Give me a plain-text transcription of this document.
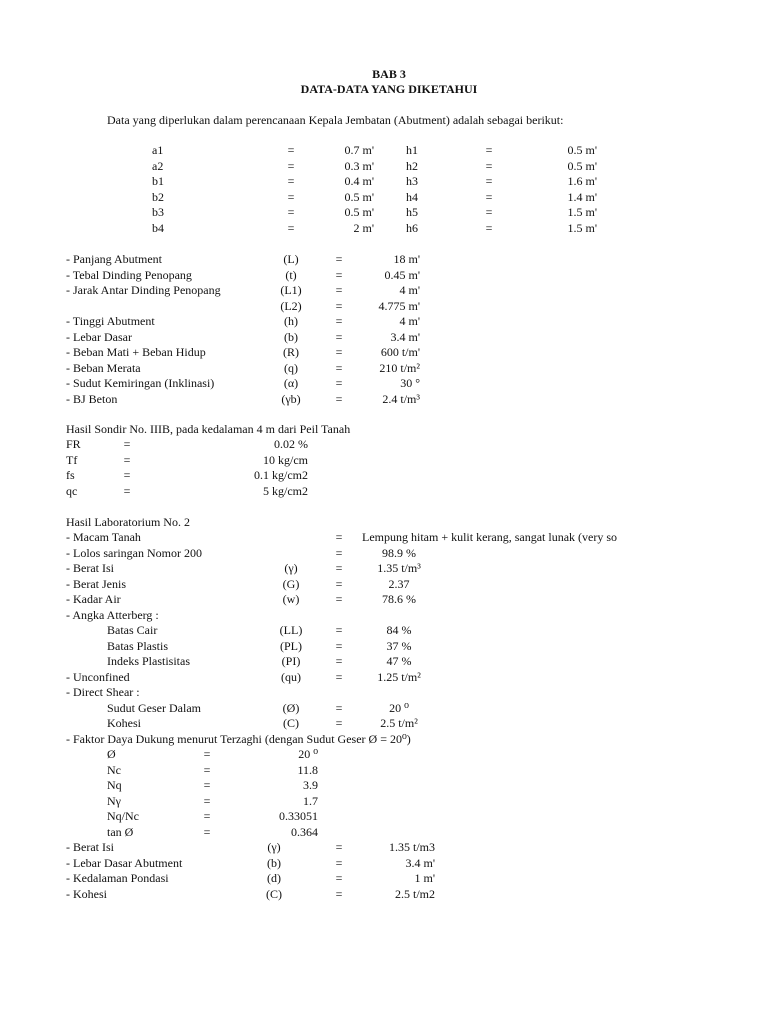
BAB 3
DATA-DATA YANG DIKETAHUI
Data yang diperlukan dalam perencanaan Kepala Jembatan (Abutment) adalah sebagai berikut:
a1	=	0.7 m'	h1	=	0.5 m'
a2	=	0.3 m'	h2	=	0.5 m'
b1	=	0.4 m'	h3	=	1.6 m'
b2	=	0.5 m'	h4	=	1.4 m'
b3	=	0.5 m'	h5	=	1.5 m'
b4	=	2 m'	h6	=	1.5 m'
- Panjang Abutment	(L)	=	18 m'
- Tebal Dinding Penopang	(t)	=	0.45 m'
- Jarak Antar Dinding Penopang	(L1)	=	4 m'
(L2)	=	4.775 m'
- Tinggi Abutment	(h)	=	4 m'
- Lebar Dasar	(b)	=	3.4 m'
- Beban Mati + Beban Hidup	(R)	=	600 t/m'
- Beban Merata	(q)	=	210 t/m²
- Sudut Kemiringan (Inklinasi)	(α)	=	30 °
- BJ Beton	(γb)	=	2.4 t/m³
Hasil Sondir No. IIIB, pada kedalaman 4 m dari Peil Tanah
FR	=	0.02 %
Tf	=	10 kg/cm
fs	=	0.1 kg/cm2
qc	=	5 kg/cm2
Hasil Laboratorium No. 2
- Macam Tanah	= Lempung hitam + kulit kerang, sangat lunak (very so
- Lolos saringan Nomor 200	=	98.9 %
- Berat Isi	(γ)	=	1.35 t/m³
- Berat Jenis	(G)	=	2.37
- Kadar Air	(w)	=	78.6 %
- Angka Atterberg :
Batas Cair	(LL)	=	84 %
Batas Plastis	(PL)	=	37 %
Indeks Plastisitas	(PI)	=	47 %
- Unconfined	(qu)	=	1.25 t/m²
- Direct Shear :
Sudut Geser Dalam	(Ø)	=	20 ⁰
Kohesi	(C)	=	2.5 t/m²
- Faktor Daya Dukung menurut Terzaghi (dengan Sudut Geser Ø = 20⁰)
Ø	=	20 ⁰
Nc	=	11.8
Nq	=	3.9
Nγ	=	1.7
Nq/Nc	=	0.33051
tan Ø	=	0.364
- Berat Isi	(γ)	=	1.35 t/m3
- Lebar Dasar Abutment	(b)	=	3.4 m'
- Kedalaman Pondasi	(d)	=	1 m'
- Kohesi	(C)	=	2.5 t/m2
